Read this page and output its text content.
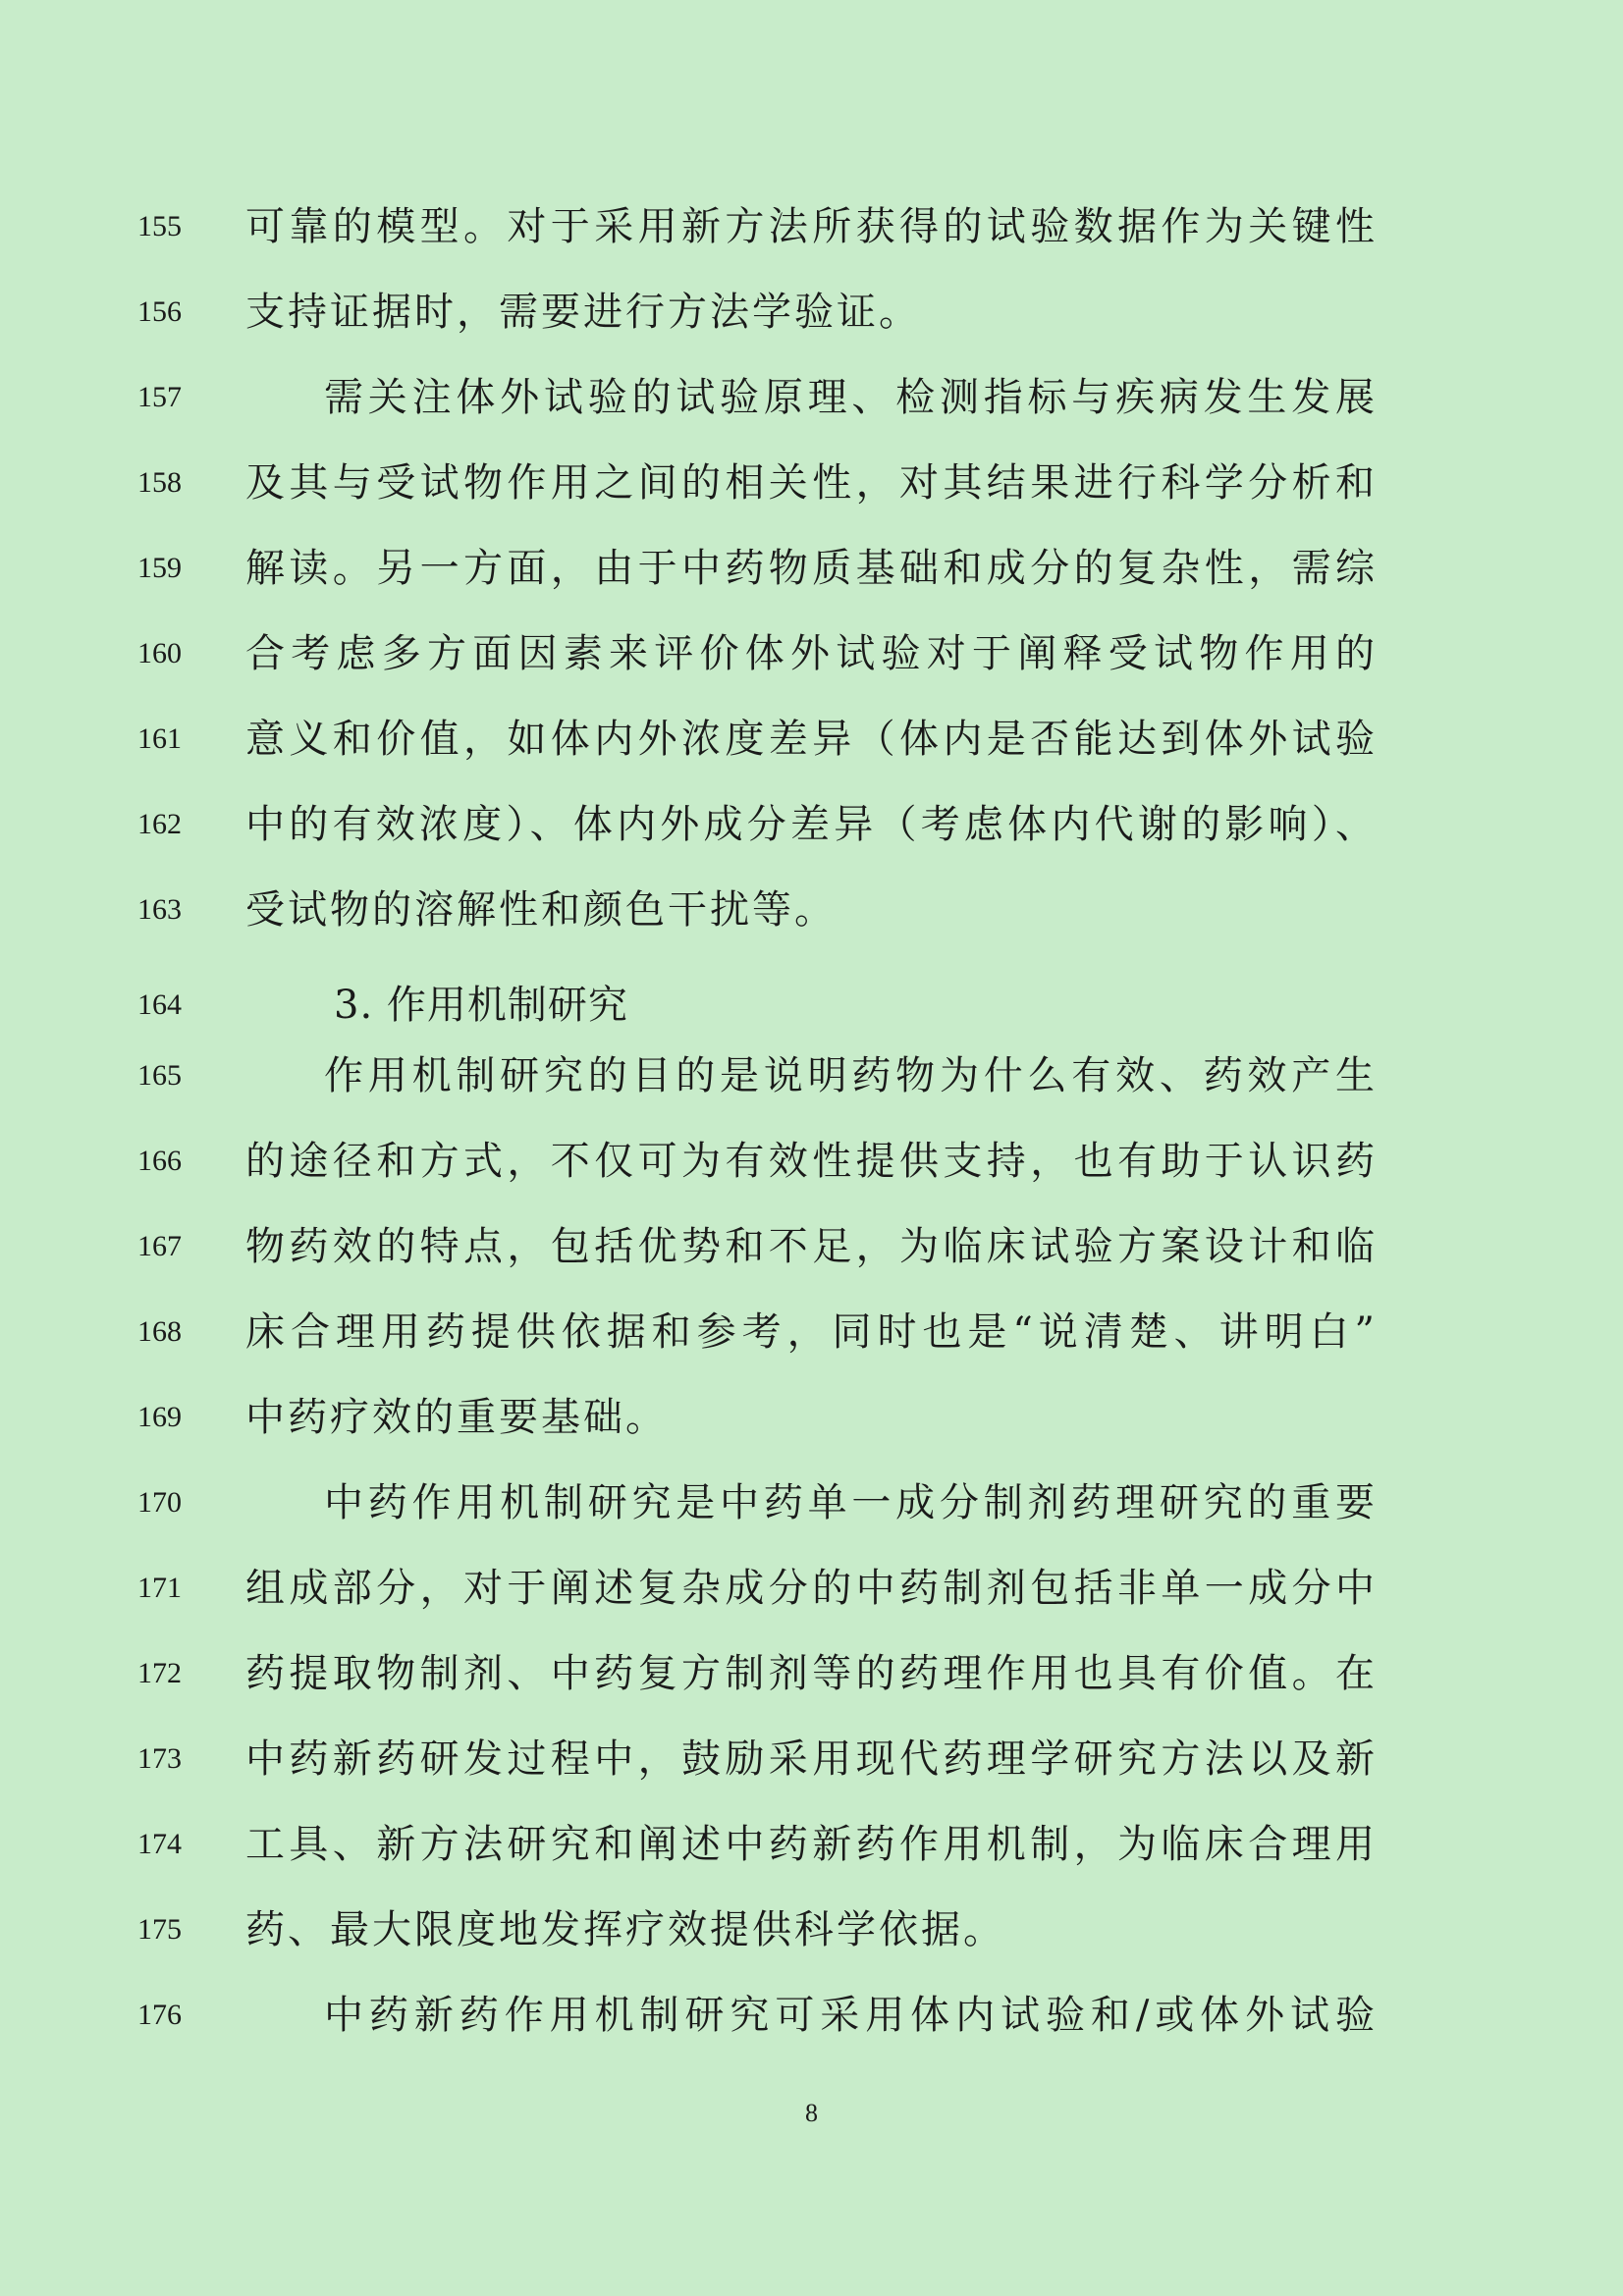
155	可靠的模型。对于采用新方法所获得的试验数据作为关键性
156	支持证据时，需要进行方法学验证。
157	需关注体外试验的试验原理、检测指标与疾病发生发展
158	及其与受试物作用之间的相关性，对其结果进行科学分析和
159	解读。另一方面，由于中药物质基础和成分的复杂性，需综
160	合考虑多方面因素来评价体外试验对于阐释受试物作用的
161	意义和价值，如体内外浓度差异（体内是否能达到体外试验
162	中的有效浓度）、体内外成分差异（考虑体内代谢的影响）、
163	受试物的溶解性和颜色干扰等。
164	3. 作用机制研究
165	作用机制研究的目的是说明药物为什么有效、药效产生
166	的途径和方式，不仅可为有效性提供支持，也有助于认识药
167	物药效的特点，包括优势和不足，为临床试验方案设计和临
168	床合理用药提供依据和参考，同时也是“说清楚、讲明白”
169	中药疗效的重要基础。
170	中药作用机制研究是中药单一成分制剂药理研究的重要
171	组成部分，对于阐述复杂成分的中药制剂包括非单一成分中
172	药提取物制剂、中药复方制剂等的药理作用也具有价值。在
173	中药新药研发过程中，鼓励采用现代药理学研究方法以及新
174	工具、新方法研究和阐述中药新药作用机制，为临床合理用
175	药、最大限度地发挥疗效提供科学依据。
176	中药新药作用机制研究可采用体内试验和/或体外试验
8
